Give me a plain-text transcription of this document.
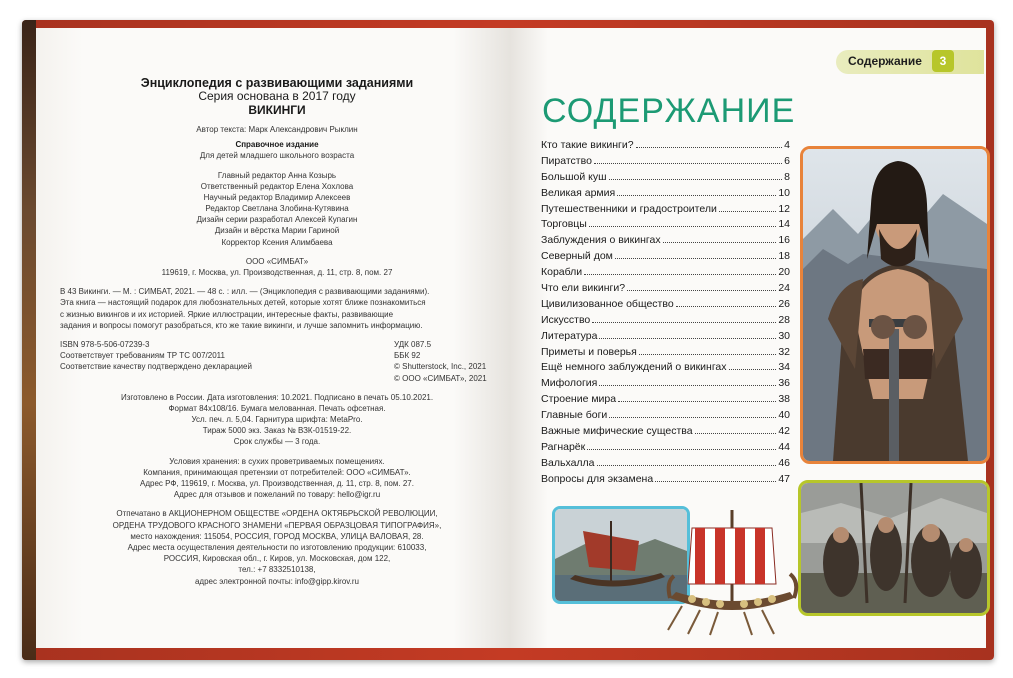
Энциклопедия с развивающими заданиями
Серия основана в 2017 году
ВИКИНГИ
Автор текста: Марк Александрович Рыклин
Справочное издание
Для детей младшего школьного возраста
Главный редактор Анна Козырь
Ответственный редактор Елена Хохлова
Научный редактор Владимир Алексеев
Редактор Светлана Злобина-Кутявина
Дизайн серии разработал Алексей Купагин
Дизайн и вёрстка Марии Гариной
Корректор Ксения Алимбаева
ООО «СИМБАТ»
119619, г. Москва, ул. Производственная, д. 11, стр. 8, пом. 27
В 43 Викинги. — М. : СИМБАТ, 2021. — 48 с. : илл. — (Энциклопедия с развивающими заданиями).
Эта книга — настоящий подарок для любознательных детей, которые хотят ближе познакомиться
с жизнью викингов и их историей. Яркие иллюстрации, интересные факты, развивающие
задания и вопросы помогут разобраться, кто же такие викинги, и лучше запомнить информацию.
ISBN 978-5-506-07239-3	УДК 087.5
Соответствует требованиям ТР ТС 007/2011	ББК 92
Соответствие качеству подтверждено декларацией	© Shutterstock, Inc., 2021
© ООО «СИМБАТ», 2021
Изготовлено в России. Дата изготовления: 10.2021. Подписано в печать 05.10.2021.
Формат 84х108/16. Бумага мелованная. Печать офсетная.
Усл. печ. л. 5,04. Гарнитура шрифта: MetaPro.
Тираж 5000 экз. Заказ № ВЗК-01519-22.
Срок службы — 3 года.
Условия хранения: в сухих проветриваемых помещениях.
Компания, принимающая претензии от потребителей: ООО «СИМБАТ».
Адрес РФ, 119619, г. Москва, ул. Производственная, д. 11, стр. 8, пом. 27.
Адрес для отзывов и пожеланий по товару: hello@igr.ru
Отпечатано в АКЦИОНЕРНОМ ОБЩЕСТВЕ «ОРДЕНА ОКТЯБРЬСКОЙ РЕВОЛЮЦИИ,
ОРДЕНА ТРУДОВОГО КРАСНОГО ЗНАМЕНИ «ПЕРВАЯ ОБРАЗЦОВАЯ ТИПОГРАФИЯ»,
место нахождения: 115054, РОССИЯ, ГОРОД МОСКВА, УЛИЦА ВАЛОВАЯ, 28.
Адрес места осуществления деятельности по изготовлению продукции: 610033,
РОССИЯ, Кировская обл., г. Киров, ул. Московская, дом 122,
тел.: +7 8332510138,
адрес электронной почты: info@gipp.kirov.ru
Содержание	3
СОДЕРЖАНИЕ
Кто такие викинги?	4
Пиратство	6
Большой куш	8
Великая армия	10
Путешественники и градостроители	12
Торговцы	14
Заблуждения о викингах	16
Северный дом	18
Корабли	20
Что ели викинги?	24
Цивилизованное общество	26
Искусство	28
Литература	30
Приметы и поверья	32
Ещё немного заблуждений о викингах	34
Мифология	36
Строение мира	38
Главные боги	40
Важные мифические существа	42
Рагнарёк	44
Вальхалла	46
Вопросы для экзамена	47
